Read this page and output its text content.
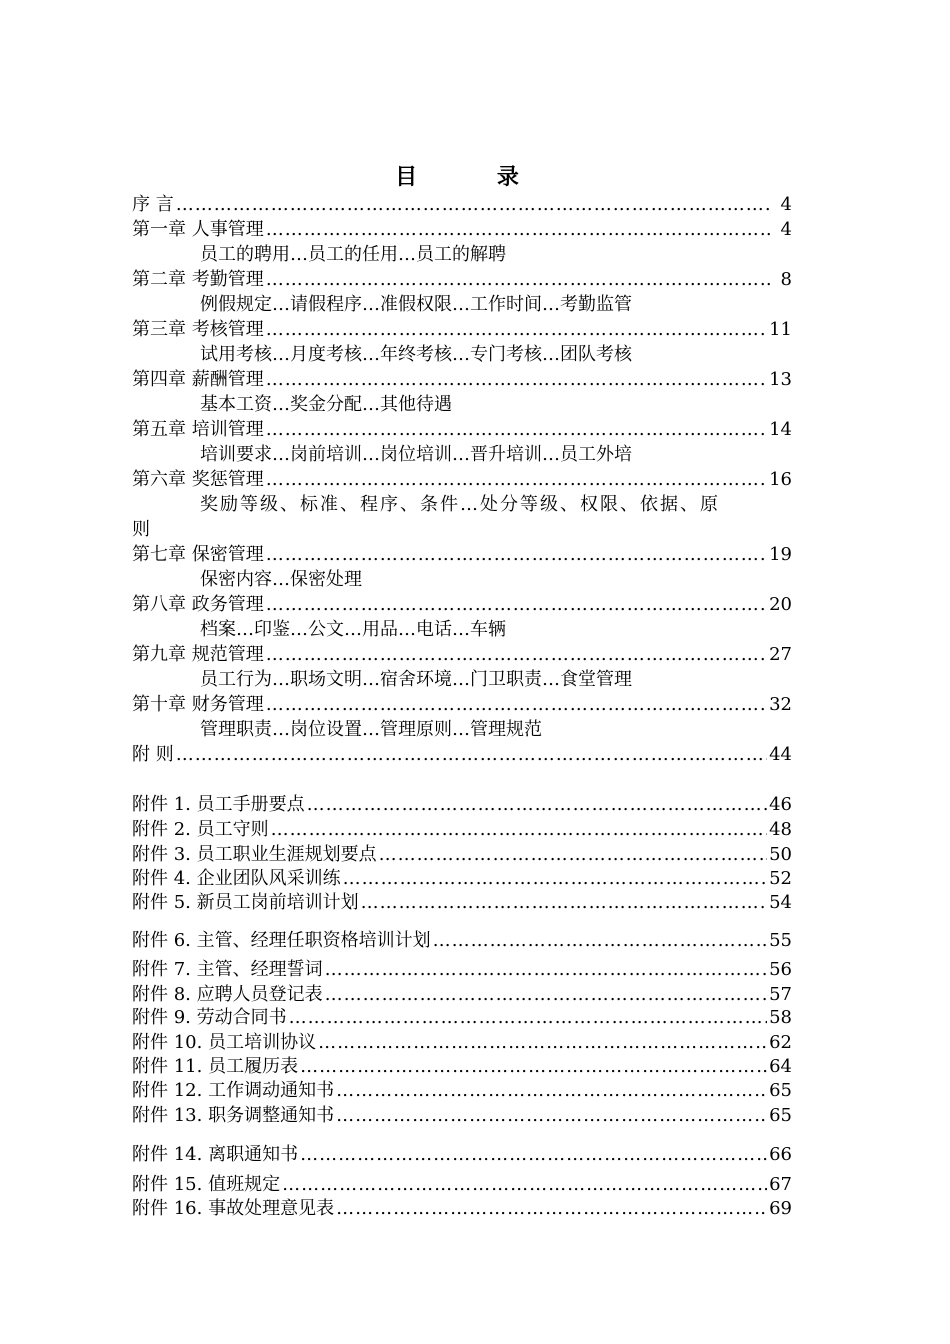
目 录
序 言 …………………………………………………………………………………………………………	4
第一章 人事管理 …………………………………………………………………………………………………………	4
员工的聘用…员工的任用…员工的解聘
第二章 考勤管理 …………………………………………………………………………………………………………	8
例假规定…请假程序…准假权限…工作时间…考勤监管
第三章 考核管理 …………………………………………………………………………………………………………	11
试用考核…月度考核…年终考核…专门考核…团队考核
第四章 薪酬管理 …………………………………………………………………………………………………………	13
基本工资…奖金分配…其他待遇
第五章 培训管理 …………………………………………………………………………………………………………	14
培训要求…岗前培训…岗位培训…晋升培训…员工外培
第六章 奖惩管理 …………………………………………………………………………………………………………	16
奖励等级、标准、程序、条件…处分等级、权限、依据、原
则
第七章 保密管理 …………………………………………………………………………………………………………	19
保密内容…保密处理
第八章 政务管理 …………………………………………………………………………………………………………	20
档案…印鉴…公文…用品…电话…车辆
第九章 规范管理 …………………………………………………………………………………………………………	27
员工行为…职场文明…宿舍环境…门卫职责…食堂管理
第十章 财务管理 …………………………………………………………………………………………………………	32
管理职责…岗位设置…管理原则…管理规范
附 则 …………………………………………………………………………………………………………	44
附件 1. 员工手册要点 …………………………………………………………………………………………………………	46
附件 2. 员工守则 …………………………………………………………………………………………………………	48
附件 3. 员工职业生涯规划要点 …………………………………………………………………………………………………………	50
附件 4. 企业团队风采训练 …………………………………………………………………………………………………………	52
附件 5. 新员工岗前培训计划 …………………………………………………………………………………………………………	54
附件 6. 主管、经理任职资格培训计划 …………………………………………………………………………………………………………	55
附件 7. 主管、经理誓词 …………………………………………………………………………………………………………	56
附件 8. 应聘人员登记表 …………………………………………………………………………………………………………	57
附件 9. 劳动合同书 …………………………………………………………………………………………………………	58
附件 10. 员工培训协议 …………………………………………………………………………………………………………	62
附件 11. 员工履历表 …………………………………………………………………………………………………………	64
附件 12. 工作调动通知书 …………………………………………………………………………………………………………	65
附件 13. 职务调整通知书 …………………………………………………………………………………………………………	65
附件 14. 离职通知书 …………………………………………………………………………………………………………	66
附件 15. 值班规定 …………………………………………………………………………………………………………	67
附件 16. 事故处理意见表 …………………………………………………………………………………………………………	69
